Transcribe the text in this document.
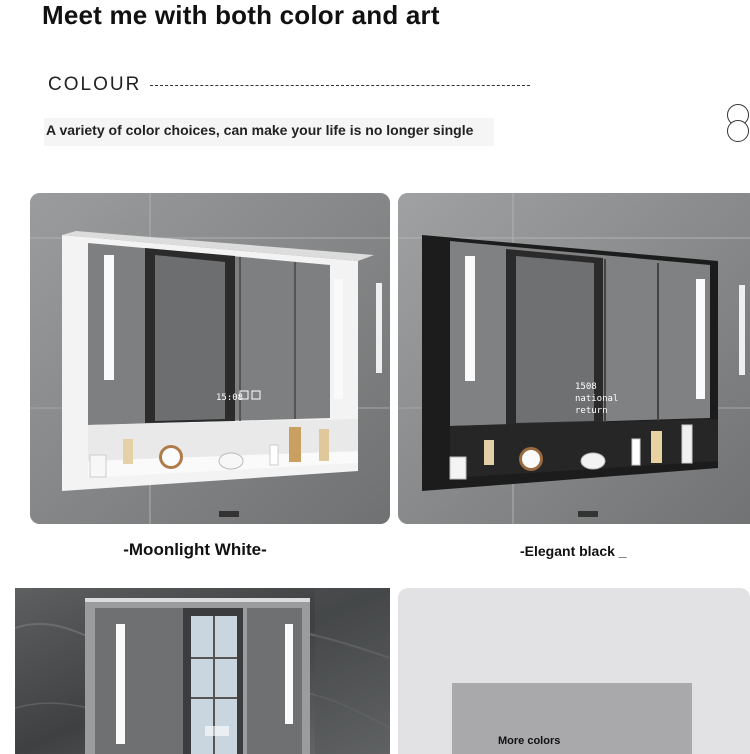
Meet me with both color and art
COLOUR
A variety of color choices, can make your life is no longer single
15:08
1508
national
return
-Moonlight White-	-Elegant black _
More colors
